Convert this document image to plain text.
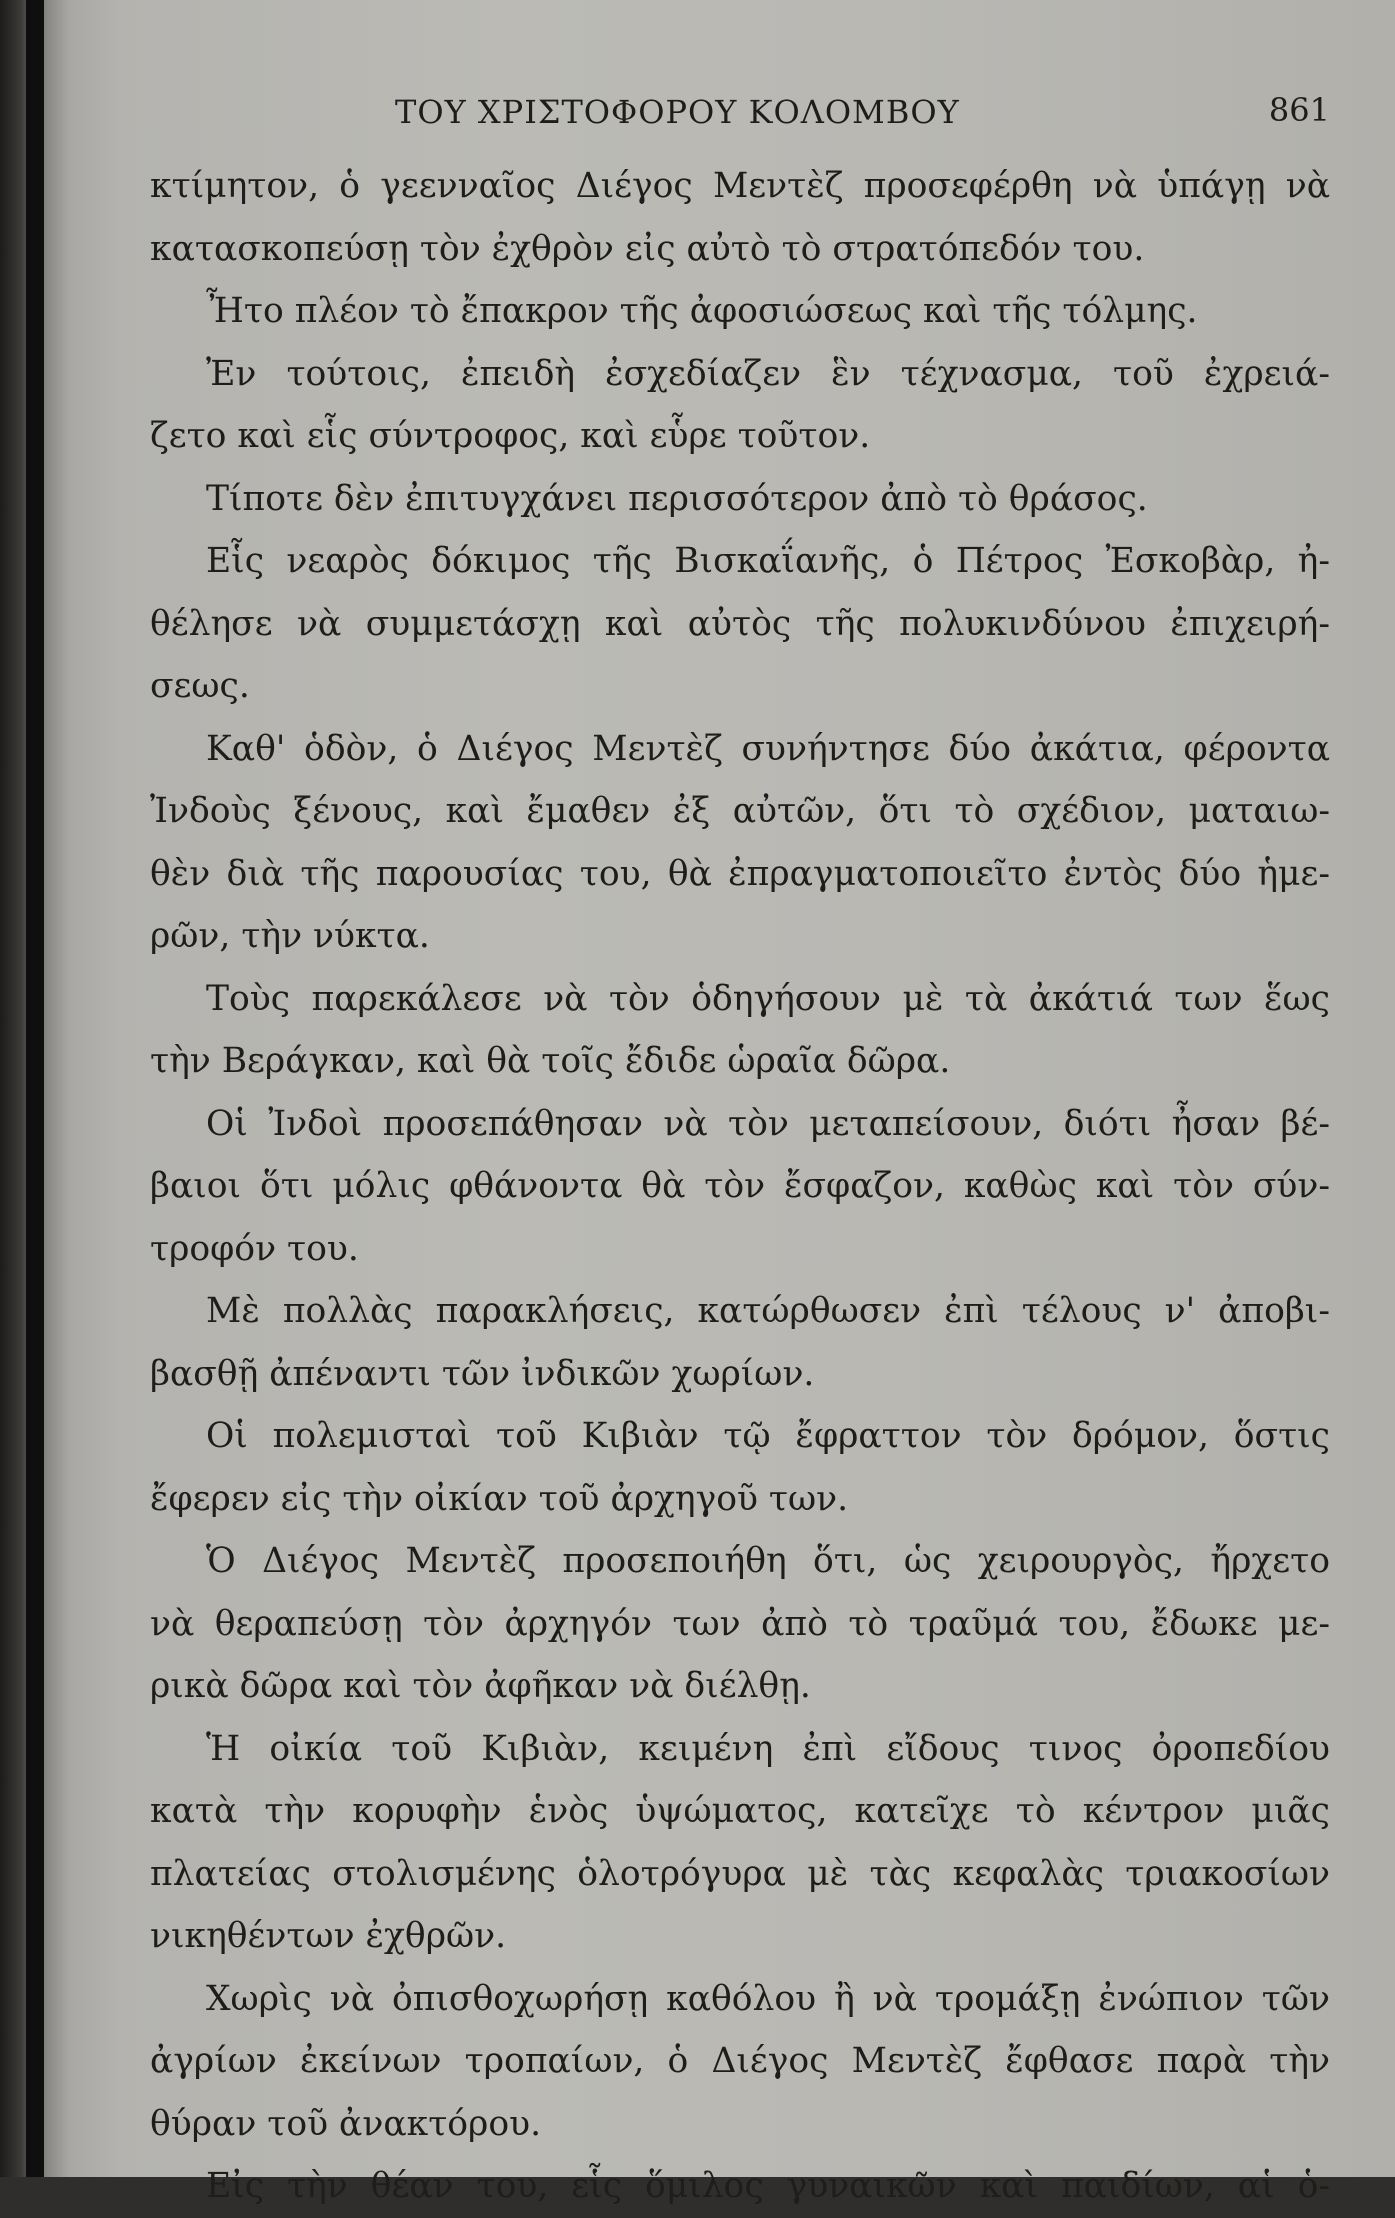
ΤΟΥ ΧΡΙΣΤΟΦΟΡΟΥ ΚΟΛΟΜΒΟΥ	861
κτίμητον, ὁ γεενναῖος Διέγος Μεντὲζ προσεφέρθη νὰ ὑπάγῃ νὰ
κατασκοπεύσῃ τὸν ἐχθρὸν εἰς αὐτὸ τὸ στρατόπεδόν του.
Ἦτο πλέον τὸ ἔπακρον τῆς ἀφοσιώσεως καὶ τῆς τόλμης.
Ἐν τούτοις, ἐπειδὴ ἐσχεδίαζεν ἓν τέχνασμα, τοῦ ἐχρειά-
ζετο καὶ εἷς σύντροφος, καὶ εὗρε τοῦτον.
Τίποτε δὲν ἐπιτυγχάνει περισσότερον ἀπὸ τὸ θράσος.
Εἷς νεαρὸς δόκιμος τῆς Βισκαΐανῆς, ὁ Πέτρος Ἐσκοβὰρ, ἠ-
θέλησε νὰ συμμετάσχῃ καὶ αὐτὸς τῆς πολυκινδύνου ἐπιχειρή-
σεως.
Καθ' ὁδὸν, ὁ Διέγος Μεντὲζ συνήντησε δύο ἀκάτια, φέροντα
Ἰνδοὺς ξένους, καὶ ἔμαθεν ἐξ αὐτῶν, ὅτι τὸ σχέδιον, ματαιω-
θὲν διὰ τῆς παρουσίας του, θὰ ἐπραγματοποιεῖτο ἐντὸς δύο ἡμε-
ρῶν, τὴν νύκτα.
Τοὺς παρεκάλεσε νὰ τὸν ὁδηγήσουν μὲ τὰ ἀκάτιά των ἕως
τὴν Βεράγκαν, καὶ θὰ τοῖς ἔδιδε ὡραῖα δῶρα.
Οἱ Ἰνδοὶ προσεπάθησαν νὰ τὸν μεταπείσουν, διότι ἦσαν βέ-
βαιοι ὅτι μόλις φθάνοντα θὰ τὸν ἔσφαζον, καθὼς καὶ τὸν σύν-
τροφόν του.
Μὲ πολλὰς παρακλήσεις, κατώρθωσεν ἐπὶ τέλους ν' ἀποβι-
βασθῇ ἀπέναντι τῶν ἰνδικῶν χωρίων.
Οἱ πολεμισταὶ τοῦ Κιβιὰν τῷ ἔφραττον τὸν δρόμον, ὅστις
ἔφερεν εἰς τὴν οἰκίαν τοῦ ἀρχηγοῦ των.
Ὁ Διέγος Μεντὲζ προσεποιήθη ὅτι, ὡς χειρουργὸς, ἤρχετο
νὰ θεραπεύσῃ τὸν ἀρχηγόν των ἀπὸ τὸ τραῦμά του, ἔδωκε με-
ρικὰ δῶρα καὶ τὸν ἀφῆκαν νὰ διέλθῃ.
Ἡ οἰκία τοῦ Κιβιὰν, κειμένη ἐπὶ εἴδους τινος ὀροπεδίου
κατὰ τὴν κορυφὴν ἑνὸς ὑψώματος, κατεῖχε τὸ κέντρον μιᾶς
πλατείας στολισμένης ὁλοτρόγυρα μὲ τὰς κεφαλὰς τριακοσίων
νικηθέντων ἐχθρῶν.
Χωρὶς νὰ ὀπισθοχωρήσῃ καθόλου ἢ νὰ τρομάξῃ ἐνώπιον τῶν
ἀγρίων ἐκείνων τροπαίων, ὁ Διέγος Μεντὲζ ἔφθασε παρὰ τὴν
θύραν τοῦ ἀνακτόρου.
Εἰς τὴν θέαν του, εἷς ὅμιλος γυναικῶν καὶ παιδίων, αἱ ὁ-
